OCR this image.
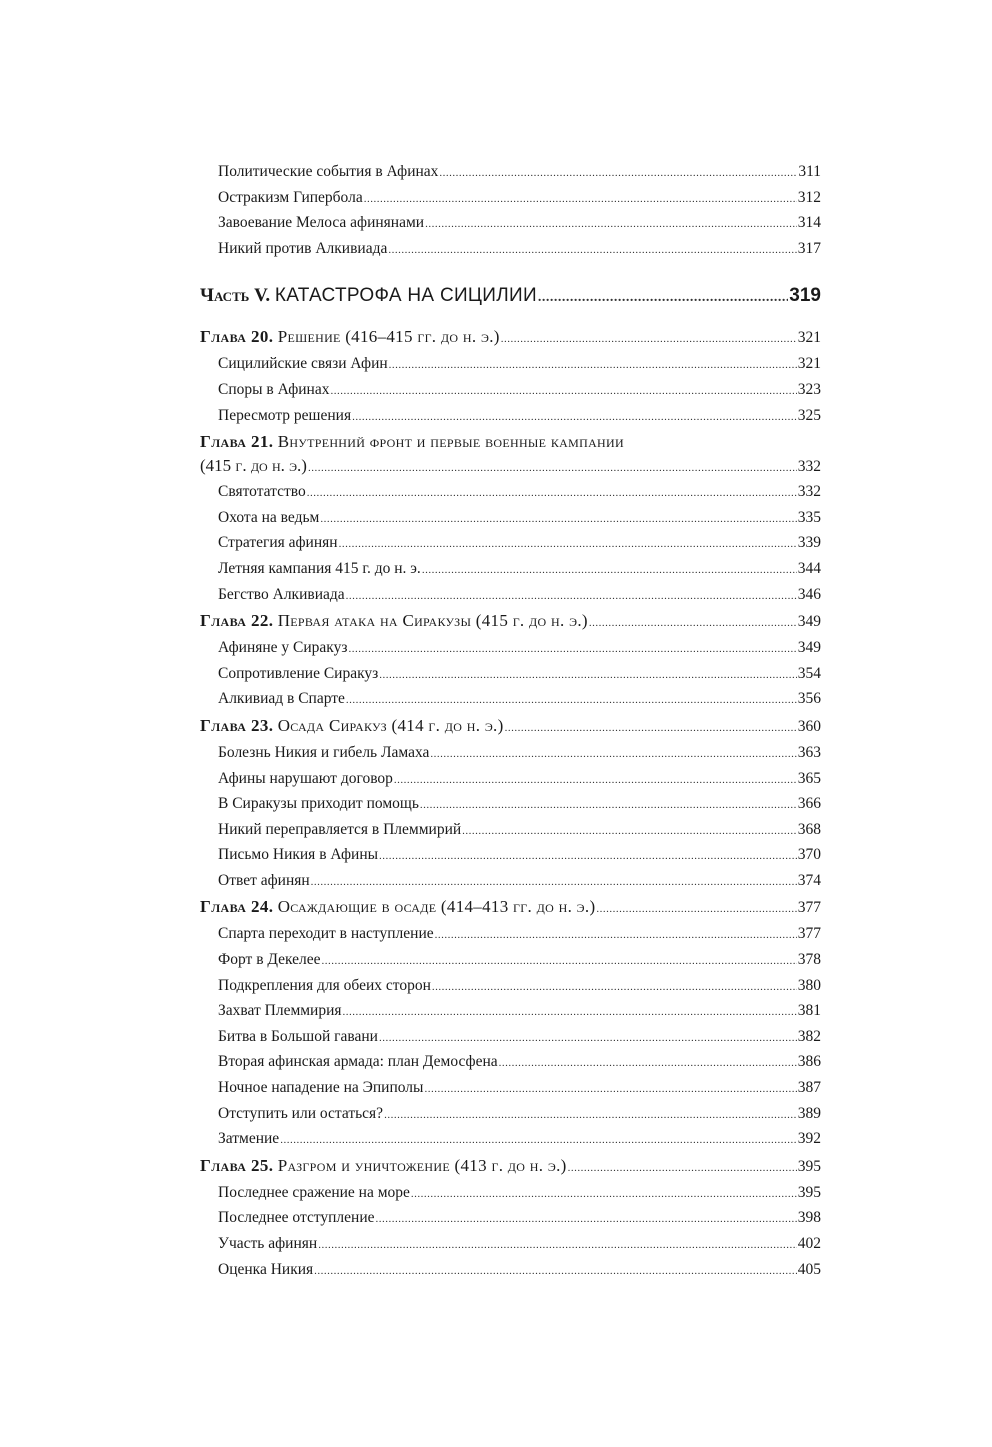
Политические события в Афинах .....	311
Остракизм Гипербола .....	312
Завоевание Мелоса афинянами .....	314
Никий против Алкивиада .....	317
Часть V. КАТАСТРОФА НА СИЦИЛИИ .....	319
Глава 20. Решение (416–415 гг. до н. э.) .....	321
Сицилийские связи Афин .....	321
Споры в Афинах .....	323
Пересмотр решения .....	325
Глава 21. Внутренний фронт и первые военные кампании
(415 г. до н. э.) .....	332
Святотатство .....	332
Охота на ведьм .....	335
Стратегия афинян .....	339
Летняя кампания 415 г. до н. э. .....	344
Бегство Алкивиада .....	346
Глава 22. Первая атака на Сиракузы (415 г. до н. э.) .....	349
Афиняне у Сиракуз .....	349
Сопротивление Сиракуз .....	354
Алкивиад в Спарте .....	356
Глава 23. Осада Сиракуз (414 г. до н. э.) .....	360
Болезнь Никия и гибель Ламаха .....	363
Афины нарушают договор .....	365
В Сиракузы приходит помощь .....	366
Никий переправляется в Племмирий .....	368
Письмо Никия в Афины .....	370
Ответ афинян .....	374
Глава 24. Осаждающие в осаде (414–413 гг. до н. э.) .....	377
Спарта переходит в наступление .....	377
Форт в Декелее .....	378
Подкрепления для обеих сторон .....	380
Захват Племмирия .....	381
Битва в Большой гавани .....	382
Вторая афинская армада: план Демосфена .....	386
Ночное нападение на Эпиполы .....	387
Отступить или остаться? .....	389
Затмение .....	392
Глава 25. Разгром и уничтожение (413 г. до н. э.) .....	395
Последнее сражение на море .....	395
Последнее отступление .....	398
Участь афинян .....	402
Оценка Никия .....	405
